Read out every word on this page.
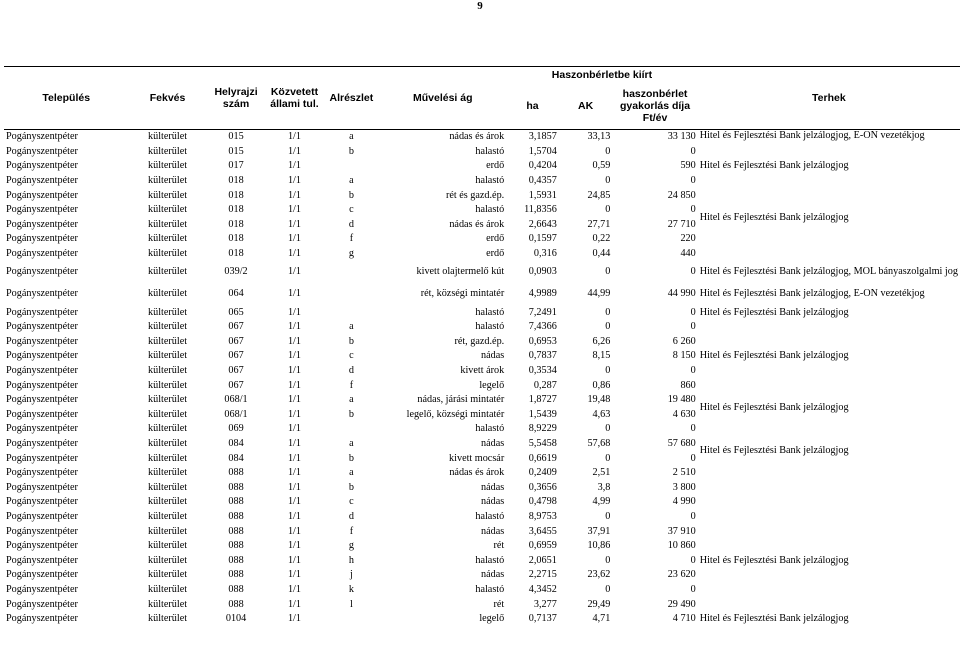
9
Település	Fekvés	Helyrajzi szám	Közvetett állami tul.	Alrészlet	Művelési ág	Haszonbérletbe kiírt			Terhek
						ha	AK	haszonbérlet gyakorlás díja Ft/év	
Pogányszentpéter	külterület	015	1/1	a	nádas és árok	3,1857	33,13	33 130	Hitel és Fejlesztési Bank jelzálogjog, E-ON vezetékjog
Pogányszentpéter	külterület	015	1/1	b	halastó	1,5704	0	0	
Pogányszentpéter	külterület	017	1/1		erdő	0,4204	0,59	590	Hitel és Fejlesztési Bank jelzálogjog
Pogányszentpéter	külterület	018	1/1	a	halastó	0,4357	0	0	
Pogányszentpéter	külterület	018	1/1	b	rét és gazd.ép.	1,5931	24,85	24 850	
Pogányszentpéter	külterület	018	1/1	c	halastó	11,8356	0	0	Hitel és Fejlesztési Bank jelzálogjog
Pogányszentpéter	külterület	018	1/1	d	nádas és árok	2,6643	27,71	27 710	
Pogányszentpéter	külterület	018	1/1	f	erdő	0,1597	0,22	220	
Pogányszentpéter	külterület	018	1/1	g	erdő	0,316	0,44	440	
Pogányszentpéter	külterület	039/2	1/1		kivett olajtermelő kút	0,0903	0	0	Hitel és Fejlesztési Bank jelzálogjog, MOL bányaszolgalmi jog
Pogányszentpéter	külterület	064	1/1		rét, községi mintatér	4,9989	44,99	44 990	Hitel és Fejlesztési Bank jelzálogjog, E-ON vezetékjog
Pogányszentpéter	külterület	065	1/1		halastó	7,2491	0	0	Hitel és Fejlesztési Bank jelzálogjog
Pogányszentpéter	külterület	067	1/1	a	halastó	7,4366	0	0	
Pogányszentpéter	külterület	067	1/1	b	rét, gazd.ép.	0,6953	6,26	6 260	
Pogányszentpéter	külterület	067	1/1	c	nádas	0,7837	8,15	8 150	Hitel és Fejlesztési Bank jelzálogjog
Pogányszentpéter	külterület	067	1/1	d	kivett árok	0,3534	0	0	
Pogányszentpéter	külterület	067	1/1	f	legelő	0,287	0,86	860	
Pogányszentpéter	külterület	068/1	1/1	a	nádas, járási mintatér	1,8727	19,48	19 480	Hitel és Fejlesztési Bank jelzálogjog
Pogányszentpéter	külterület	068/1	1/1	b	legelő, községi mintatér	1,5439	4,63	4 630	
Pogányszentpéter	külterület	069	1/1		halastó	8,9229	0	0	
Pogányszentpéter	külterület	084	1/1	a	nádas	5,5458	57,68	57 680	Hitel és Fejlesztési Bank jelzálogjog
Pogányszentpéter	külterület	084	1/1	b	kivett mocsár	0,6619	0	0	
Pogányszentpéter	külterület	088	1/1	a	nádas és árok	0,2409	2,51	2 510	
Pogányszentpéter	külterület	088	1/1	b	nádas	0,3656	3,8	3 800	
Pogányszentpéter	külterület	088	1/1	c	nádas	0,4798	4,99	4 990	
Pogányszentpéter	külterület	088	1/1	d	halastó	8,9753	0	0	Hitel és Fejlesztési Bank jelzálogjog
Pogányszentpéter	külterület	088	1/1	f	nádas	3,6455	37,91	37 910	
Pogányszentpéter	külterület	088	1/1	g	rét	0,6959	10,86	10 860	
Pogányszentpéter	külterület	088	1/1	h	halastó	2,0651	0	0	
Pogányszentpéter	külterület	088	1/1	j	nádas	2,2715	23,62	23 620	
Pogányszentpéter	külterület	088	1/1	k	halastó	4,3452	0	0	
Pogányszentpéter	külterület	088	1/1	l	rét	3,277	29,49	29 490	
Pogányszentpéter	külterület	0104	1/1		legelő	0,7137	4,71	4 710	Hitel és Fejlesztési Bank jelzálogjog
